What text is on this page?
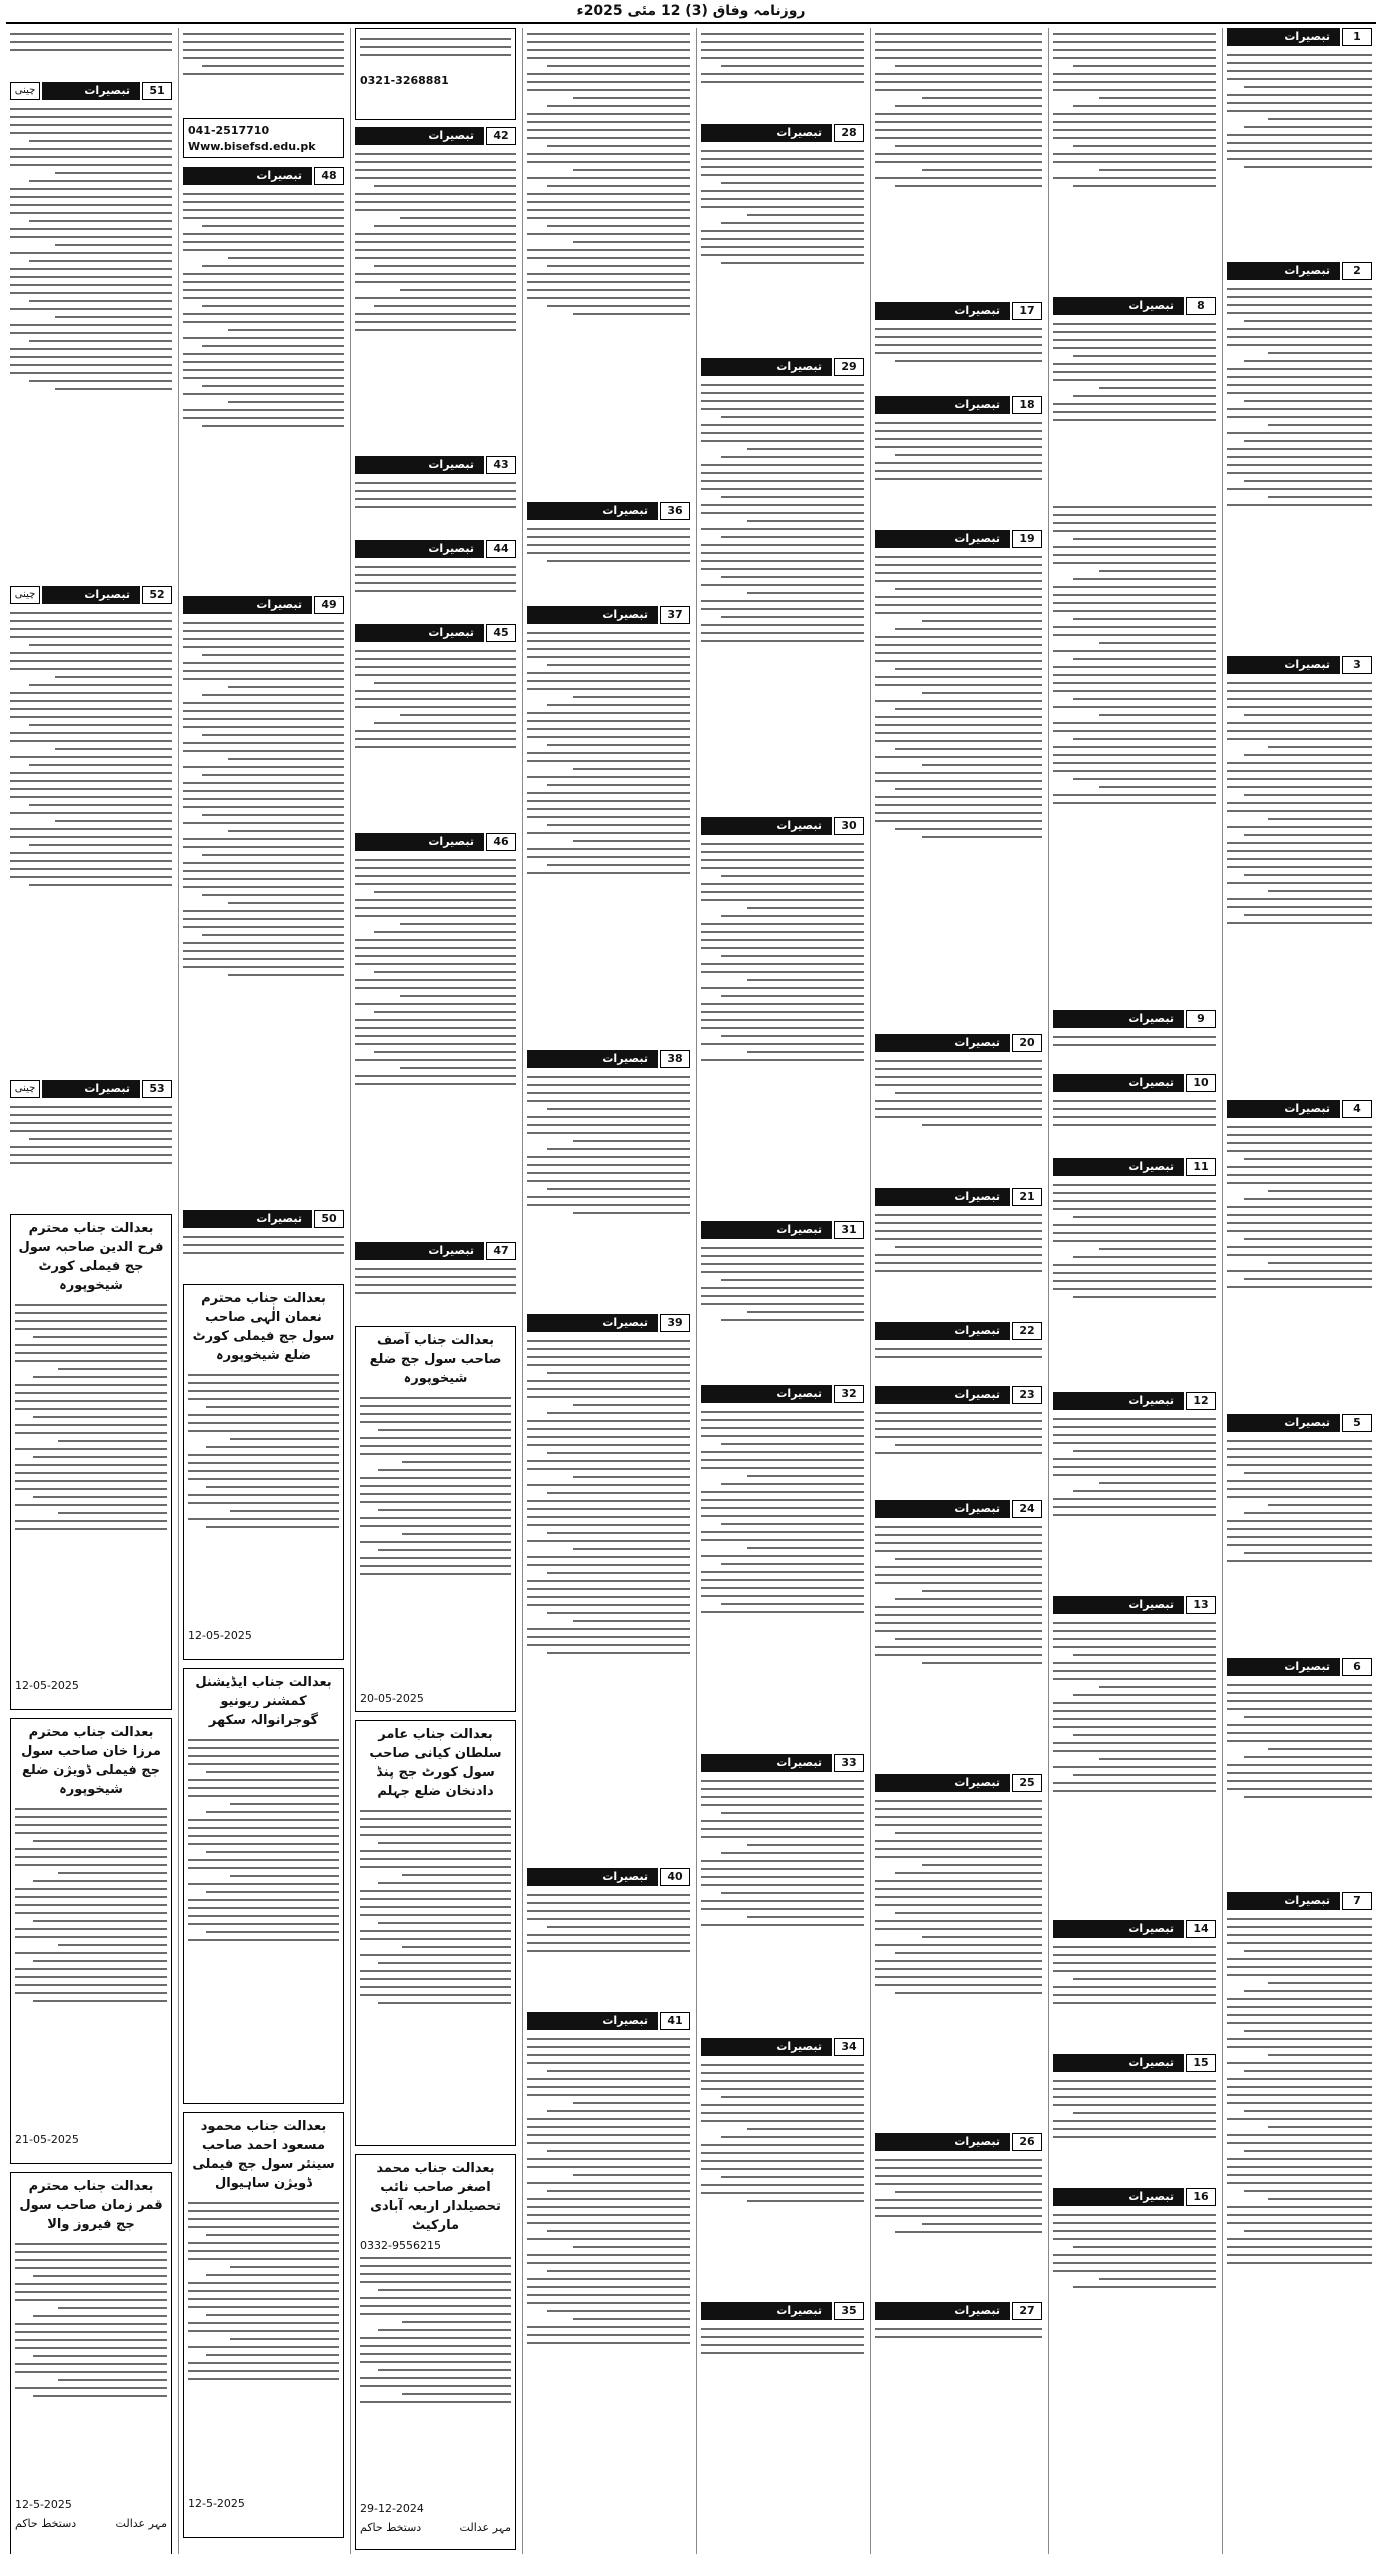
روزنامہ وفاق (3) 12 مئی 2025ء
1
تبصیرات
2
تبصیرات
3
تبصیرات
4
تبصیرات
5
تبصیرات
6
تبصیرات
7
تبصیرات
8
تبصیرات
9
تبصیرات
10
تبصیرات
11
تبصیرات
12
تبصیرات
13
تبصیرات
14
تبصیرات
15
تبصیرات
16
تبصیرات
17
تبصیرات
18
تبصیرات
19
تبصیرات
20
تبصیرات
21
تبصیرات
22
تبصیرات
23
تبصیرات
24
تبصیرات
25
تبصیرات
26
تبصیرات
27
تبصیرات
28
تبصیرات
29
تبصیرات
30
تبصیرات
31
تبصیرات
32
تبصیرات
33
تبصیرات
34
تبصیرات
35
تبصیرات
36
تبصیرات
37
تبصیرات
38
تبصیرات
39
تبصیرات
40
تبصیرات
41
تبصیرات
0321-3268881
42
تبصیرات
43
تبصیرات
44
تبصیرات
45
تبصیرات
46
تبصیرات
47
تبصیرات
بعدالت جناب آصف صاحب سول جج ضلع شیخوپورہ
20-05-2025
بعدالت جناب عامر سلطان کیانی صاحب سول کورٹ جج پنڈ دادنخان ضلع جہلم
بعدالت جناب محمد اصغر صاحب نائب تحصیلدار اربعہ آبادی مارکیٹ
0332-9556215
29-12-2024
مہر عدالت
دستخط حاکم
041-2517710
Www.bisefsd.edu.pk
48
تبصیرات
49
تبصیرات
50
تبصیرات
بعدالت جناب محترم نعمان الٰہی صاحب سول جج فیملی کورٹ ضلع شیخوپورہ
12-05-2025
بعدالت جناب ایڈیشنل کمشنر ریونیو گوجرانوالہ سکھر
بعدالت جناب محمود مسعود احمد صاحب سینئر سول جج فیملی ڈویژن ساہیوال
12-5-2025
چینی	51
تبصیرات
چینی	52
تبصیرات
چینی	53
تبصیرات
بعدالت جناب محترم فرح الدین صاحبہ سول جج فیملی کورٹ شیخوپورہ
12-05-2025
بعدالت جناب محترم مرزا خان صاحب سول جج فیملی ڈویژن ضلع شیخوپورہ
21-05-2025
بعدالت جناب محترم قمر زمان صاحب سول جج فیروز والا
12-5-2025
مہر عدالت
دستخط حاکم
